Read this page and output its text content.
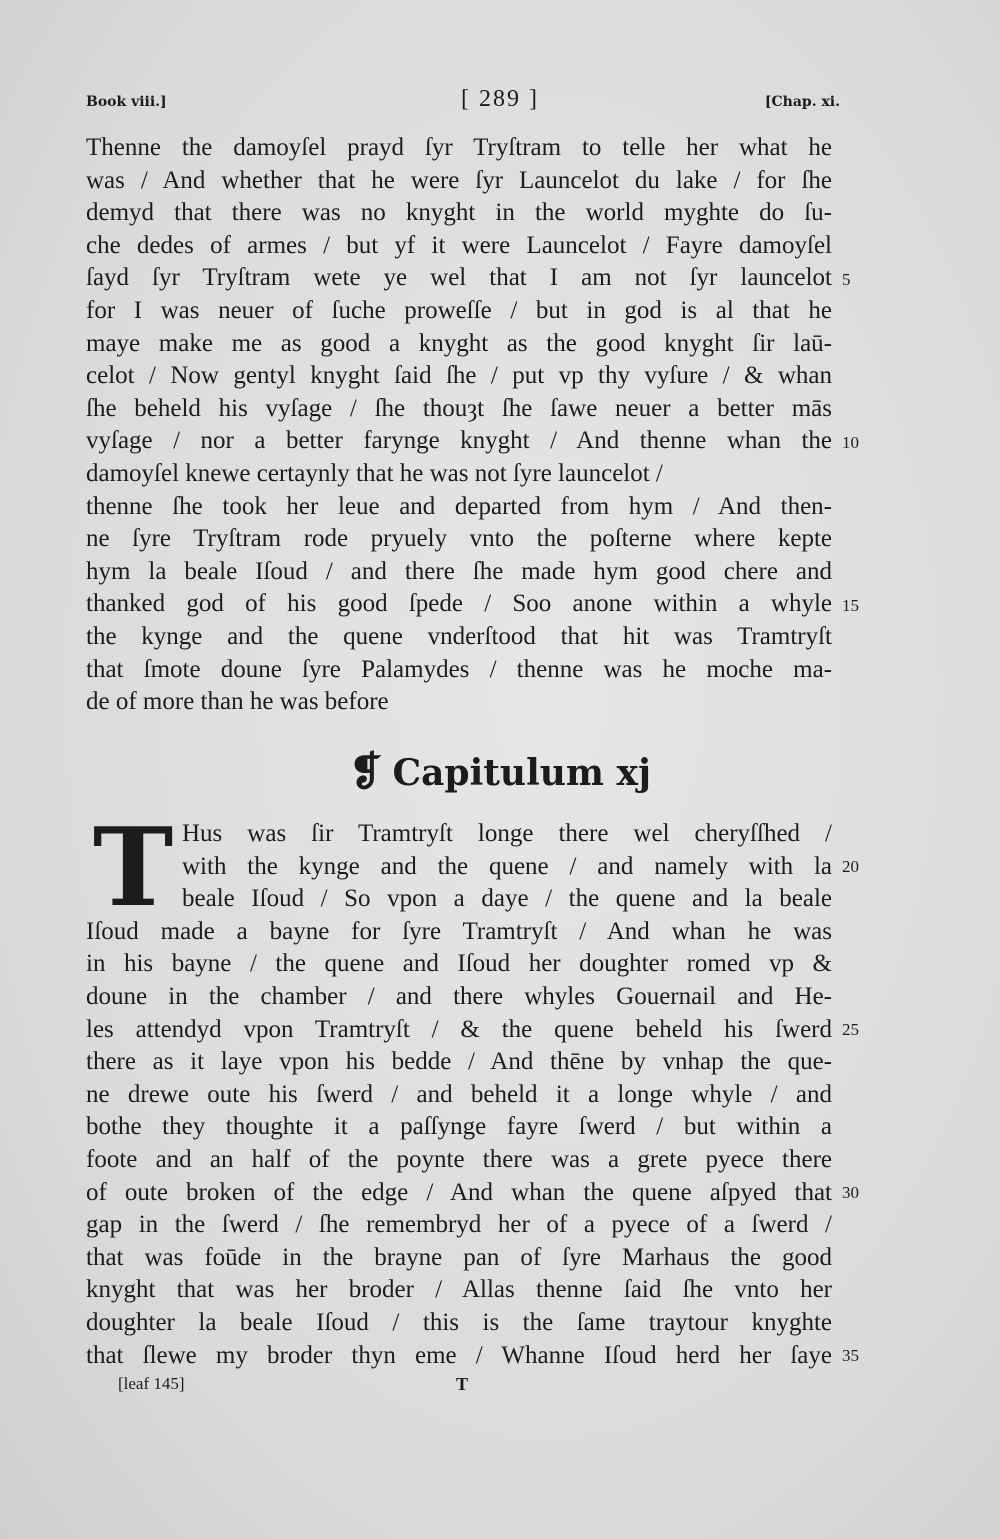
Book viii.]	[ 289 ]	[Chap. xi.
Thenne the damoyſel prayd ſyr Tryſtram to telle her what he
was / And whether that he were ſyr Launcelot du lake / for ſhe
demyd that there was no knyght in the world myghte do ſu-
che dedes of armes / but yf it were Launcelot / Fayre damoyſel
ſayd ſyr Tryſtram wete ye wel that I am not ſyr launcelot
for I was neuer of ſuche proweſſe / but in god is al that he
maye make me as good a knyght as the good knyght ſir laū-
celot / Now gentyl knyght ſaid ſhe / put vp thy vyſure / & whan
ſhe beheld his vyſage / ſhe thouȝt ſhe ſawe neuer a better mās
vyſage / nor a better farynge knyght / And thenne whan the
damoyſel knewe certaynly that he was not ſyre launcelot /
thenne ſhe took her leue and departed from hym / And then-
ne ſyre Tryſtram rode pryuely vnto the poſterne where kepte
hym la beale Iſoud / and there ſhe made hym good chere and
thanked god of his good ſpede / Soo anone within a whyle
the kynge and the quene vnderſtood that hit was Tramtryſt
that ſmote doune ſyre Palamydes / thenne was he moche ma-
de of more than he was before
5
10
15
❡ Capitulum xj
T Hus was ſir Tramtryſt longe there wel cheryſſhed /
with the kynge and the quene / and namely with la
beale Iſoud / So vpon a daye / the quene and la beale
Iſoud made a bayne for ſyre Tramtryſt / And whan he was
in his bayne / the quene and Iſoud her doughter romed vp &
doune in the chamber / and there whyles Gouernail and He-
les attendyd vpon Tramtryſt / & the quene beheld his ſwerd
there as it laye vpon his bedde / And thēne by vnhap the que-
ne drewe oute his ſwerd / and beheld it a longe whyle / and
bothe they thoughte it a paſſynge fayre ſwerd / but within a
foote and an half of the poynte there was a grete pyece there
of oute broken of the edge / And whan the quene aſpyed that
gap in the ſwerd / ſhe remembryd her of a pyece of a ſwerd /
that was foūde in the brayne pan of ſyre Marhaus the good
knyght that was her broder / Allas thenne ſaid ſhe vnto her
doughter la beale Iſoud / this is the ſame traytour knyghte
that ſlewe my broder thyn eme / Whanne Iſoud herd her ſaye
20
25
30
35
[leaf 145]	T
